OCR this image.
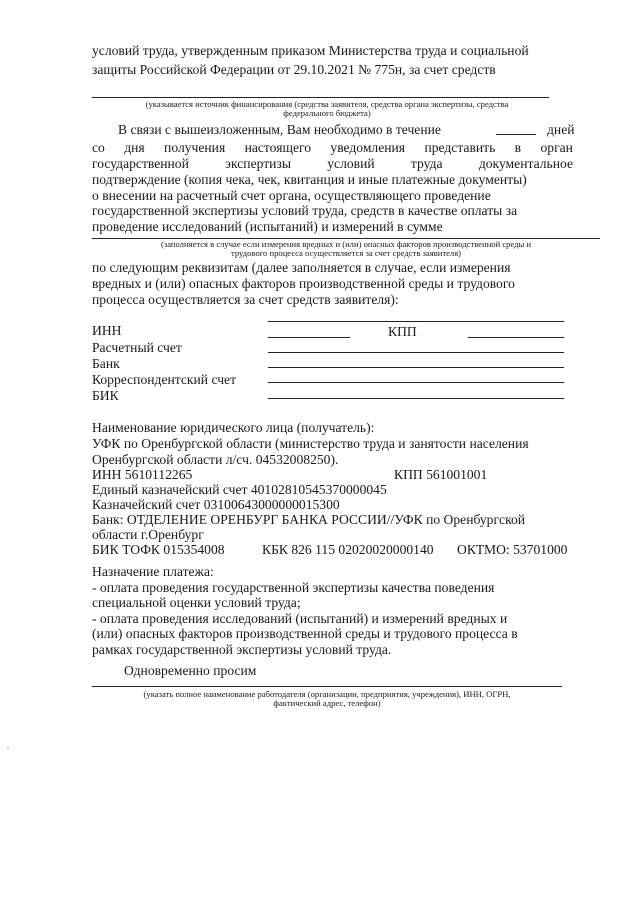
условий труда, утвержденным приказом Министерства труда и социальной
защиты Российской Федерации от 29.10.2021 № 775н, за счет средств
(указывается источник финансирования (средства заявителя, средства органа экспертизы, средства
федерального бюджета)
В связи с вышеизложенным, Вам необходимо в течение	дней
со дня получения настоящего уведомления представить в орган
государственной	экспертизы	условий	труда	документальное
подтверждение (копия чека, чек, квитанция и иные платежные документы)
о внесении на расчетный счет органа, осуществляющего проведение
государственной экспертизы условий труда, средств в качестве оплаты за
проведение исследований (испытаний) и измерений в сумме
(заполняется в случае если измерения вредных и (или) опасных факторов производственной среды и
трудового процесса осуществляется за счет средств заявителя)
по следующим реквизитам (далее заполняется в случае, если измерения
вредных и (или) опасных факторов производственной среды и трудового
процесса осуществляется за счет средств заявителя):
ИНН	КПП
Расчетный счет
Банк
Корреспондентский счет
БИК
Наименование юридического лица (получатель):
УФК по Оренбургской области (министерство труда и занятости населения
Оренбургской области л/сч. 04532008250).
ИНН 5610112265	КПП 561001001
Единый казначейский счет 40102810545370000045
Казначейский счет 03100643000000015300
Банк: ОТДЕЛЕНИЕ ОРЕНБУРГ БАНКА РОССИИ//УФК по Оренбургской
области г.Оренбург
БИК ТОФК 015354008	КБК 826 115 02020020000140 ОКТМО: 53701000
Назначение платежа:
- оплата проведения государственной экспертизы качества поведения
специальной оценки условий труда;
- оплата проведения исследований (испытаний) и измерений вредных и
(или) опасных факторов производственной среды и трудового процесса в
рамках государственной экспертизы условий труда.
Одновременно просим
(указать полное наименование работодателя (организации, предприятия, учреждения), ИНН, ОГРН,
фактический адрес, телефон)
